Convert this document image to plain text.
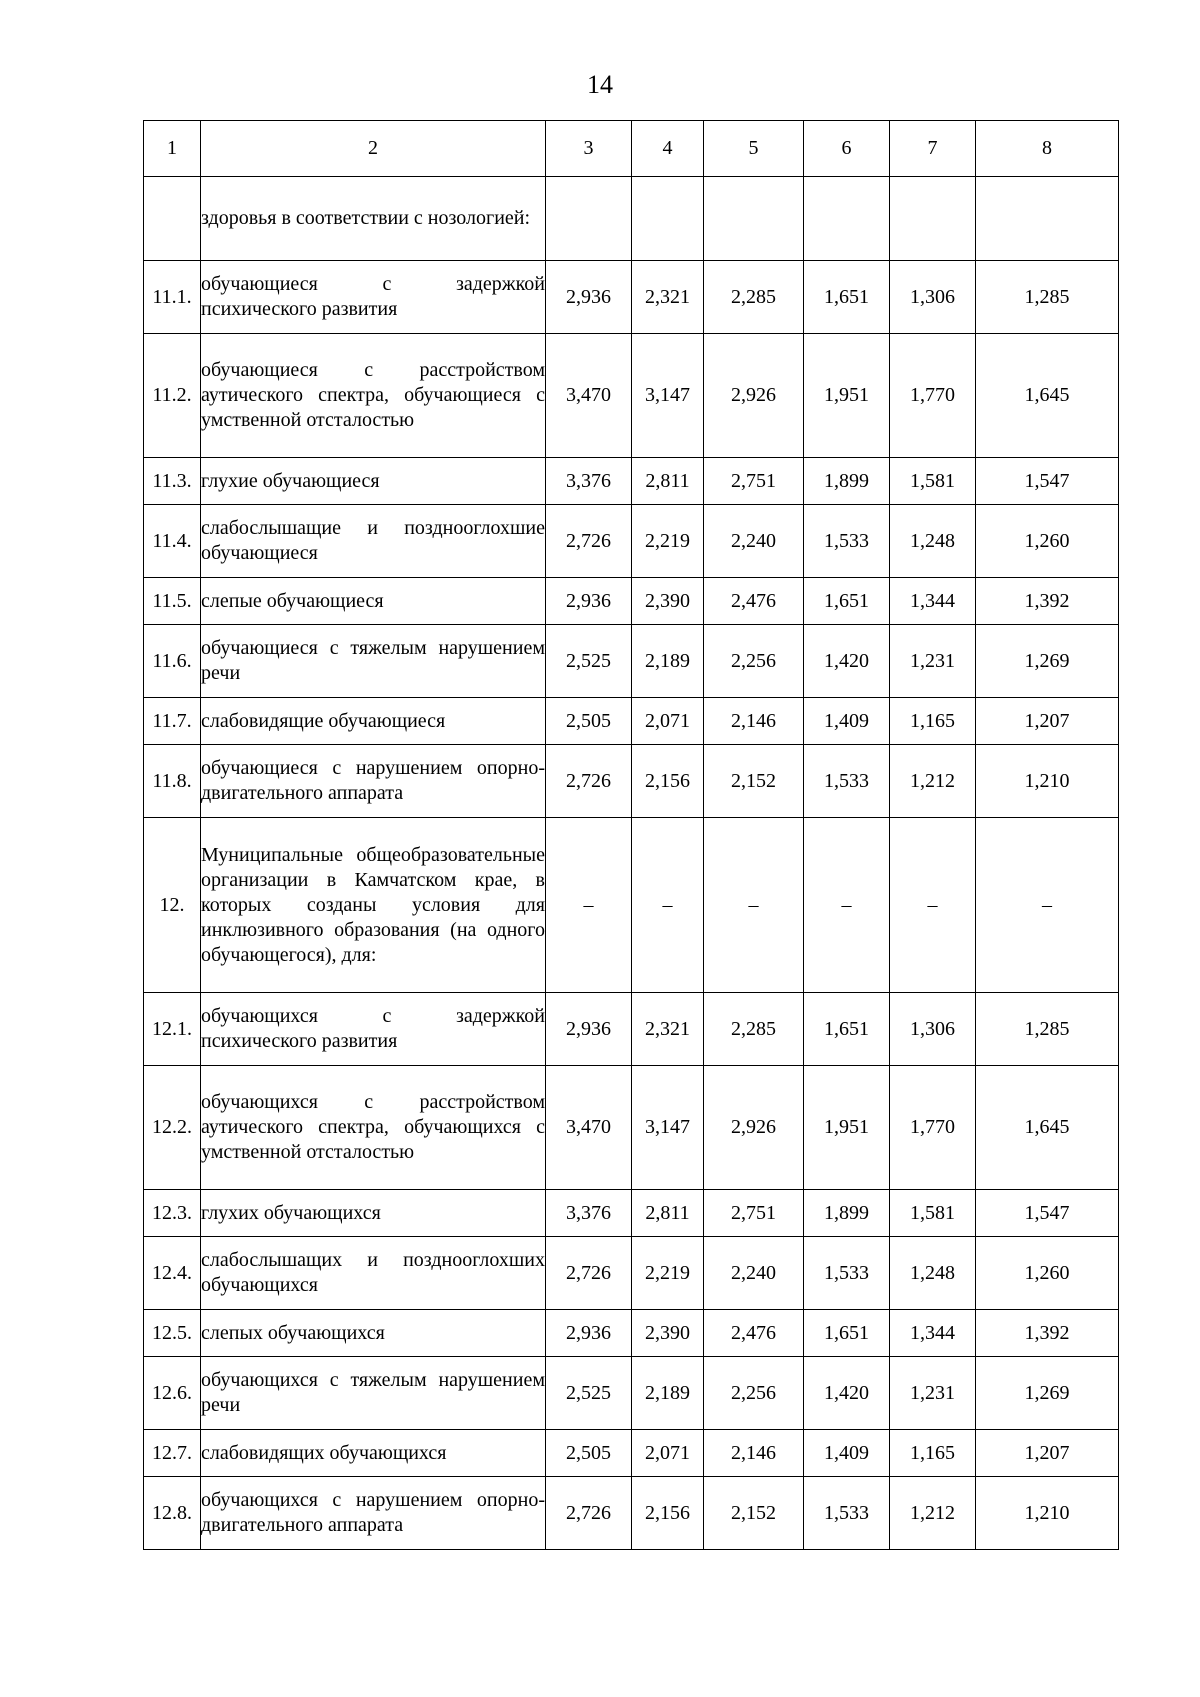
14
1	2	3	4	5	6	7	8
	здоровья в соответствии с нозологией:						
11.1.	обучающиеся с задержкой психического развития	2,936	2,321	2,285	1,651	1,306	1,285
11.2.	обучающиеся с расстройством аутического спектра, обучающиеся с умственной отсталостью	3,470	3,147	2,926	1,951	1,770	1,645
11.3.	глухие обучающиеся	3,376	2,811	2,751	1,899	1,581	1,547
11.4.	слабослышащие и позднооглохшие обучающиеся	2,726	2,219	2,240	1,533	1,248	1,260
11.5.	слепые обучающиеся	2,936	2,390	2,476	1,651	1,344	1,392
11.6.	обучающиеся с тяжелым нарушением речи	2,525	2,189	2,256	1,420	1,231	1,269
11.7.	слабовидящие обучающиеся	2,505	2,071	2,146	1,409	1,165	1,207
11.8.	обучающиеся с нарушением опорно-двигательного аппарата	2,726	2,156	2,152	1,533	1,212	1,210
12.	Муниципальные общеобразовательные организации в Камчатском крае, в которых созданы условия для инклюзивного образования (на одного обучающегося), для:	–	–	–	–	–	–
12.1.	обучающихся с задержкой психического развития	2,936	2,321	2,285	1,651	1,306	1,285
12.2.	обучающихся с расстройством аутического спектра, обучающихся с умственной отсталостью	3,470	3,147	2,926	1,951	1,770	1,645
12.3.	глухих обучающихся	3,376	2,811	2,751	1,899	1,581	1,547
12.4.	слабослышащих и позднооглохших обучающихся	2,726	2,219	2,240	1,533	1,248	1,260
12.5.	слепых обучающихся	2,936	2,390	2,476	1,651	1,344	1,392
12.6.	обучающихся с тяжелым нарушением речи	2,525	2,189	2,256	1,420	1,231	1,269
12.7.	слабовидящих обучающихся	2,505	2,071	2,146	1,409	1,165	1,207
12.8.	обучающихся с нарушением опорно-двигательного аппарата	2,726	2,156	2,152	1,533	1,212	1,210
